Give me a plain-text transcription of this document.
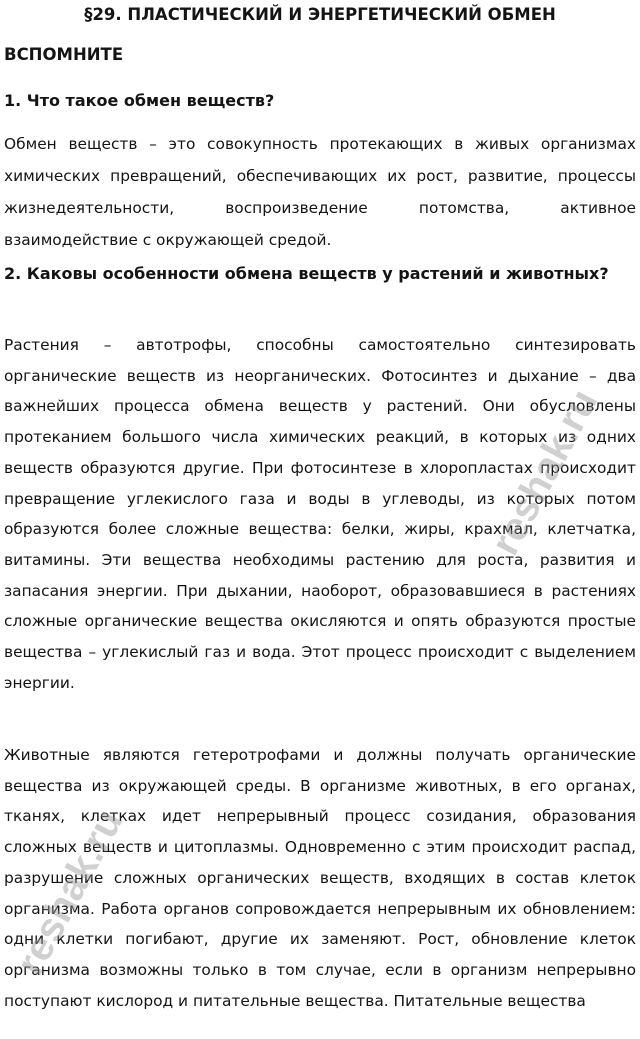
§29. ПЛАСТИЧЕСКИЙ И ЭНЕРГЕТИЧЕСКИЙ ОБМЕН
ВСПОМНИТЕ

1. Что такое обмен веществ?

Обмен веществ – это совокупность протекающих в живых организмах химических превращений, обеспечивающих их рост, развитие, процессы жизнедеятельности, воспроизведение потомства, активное взаимодействие с окружающей средой.

2. Каковы особенности обмена веществ у растений и животных?

Растения – автотрофы, способны самостоятельно синтезировать органические веществ из неорганических. Фотосинтез и дыхание – два важнейших процесса обмена веществ у растений. Они обусловлены протеканием большого числа химических реакций, в которых из одних веществ образуются другие. При фотосинтезе в хлоропластах происходит превращение углекислого газа и воды в углеводы, из которых потом образуются более сложные вещества: белки, жиры, крахмал, клетчатка, витамины. Эти вещества необходимы растению для роста, развития и запасания энергии. При дыхании, наоборот, образовавшиеся в растениях сложные органические вещества окисляются и опять образуются простые вещества – углекислый газ и вода. Этот процесс происходит с выделением энергии.

Животные являются гетеротрофами и должны получать органические вещества из окружающей среды. В организме животных, в его органах, тканях, клетках идет непрерывный процесс созидания, образования сложных веществ и цитоплазмы. Одновременно с этим происходит распад, разрушение сложных органических веществ, входящих в состав клеток организма. Работа органов сопровождается непрерывным их обновлением: одни клетки погибают, другие их заменяют. Рост, обновление клеток организма возможны только в том случае, если в организм непрерывно поступают кислород и питательные вещества. Питательные вещества

reshak.ru
reshak.ru
